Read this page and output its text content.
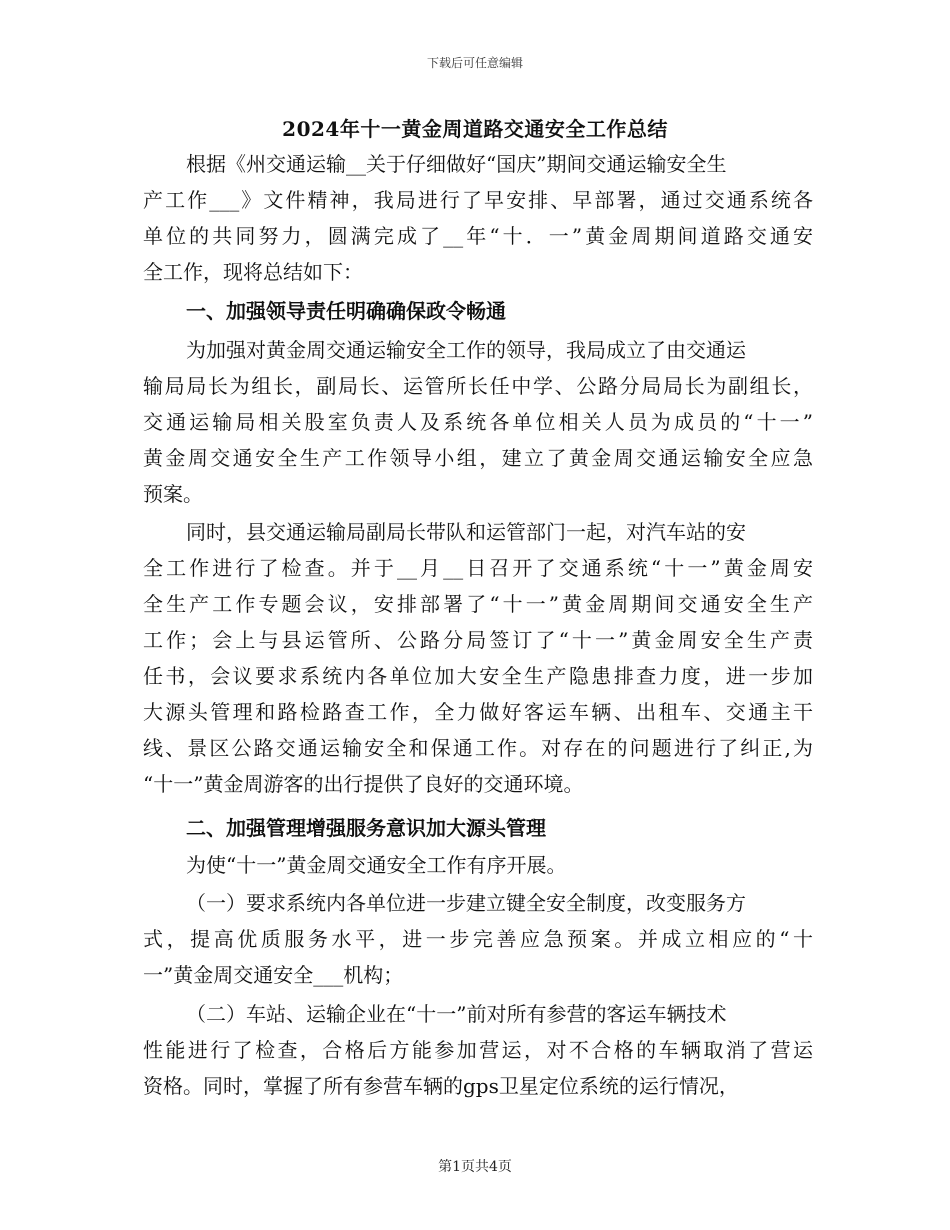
下载后可任意编辑
2024年十一黄金周道路交通安全工作总结
根据《州交通运输__关于仔细做好“国庆”期间交通运输安全生
产工作___》文件精神，我局进行了早安排、早部署，通过交通系统各
单位的共同努力，圆满完成了__年“十．一”黄金周期间道路交通安
全工作，现将总结如下：
一、加强领导责任明确确保政令畅通
为加强对黄金周交通运输安全工作的领导，我局成立了由交通运
输局局长为组长，副局长、运管所长任中学、公路分局局长为副组长，
交通运输局相关股室负责人及系统各单位相关人员为成员的“十一”
黄金周交通安全生产工作领导小组，建立了黄金周交通运输安全应急
预案。
同时，县交通运输局副局长带队和运管部门一起，对汽车站的安
全工作进行了检查。并于__月__日召开了交通系统“十一”黄金周安
全生产工作专题会议，安排部署了“十一”黄金周期间交通安全生产
工作；会上与县运管所、公路分局签订了“十一”黄金周安全生产责
任书，会议要求系统内各单位加大安全生产隐患排查力度，进一步加
大源头管理和路检路查工作，全力做好客运车辆、出租车、交通主干
线、景区公路交通运输安全和保通工作。对存在的问题进行了纠正,为
“十一”黄金周游客的出行提供了良好的交通环境。
二、加强管理增强服务意识加大源头管理
为使“十一”黄金周交通安全工作有序开展。
（一）要求系统内各单位进一步建立键全安全制度，改变服务方
式，提高优质服务水平，进一步完善应急预案。并成立相应的“十
一”黄金周交通安全___机构；
（二）车站、运输企业在“十一”前对所有参营的客运车辆技术
性能进行了检查，合格后方能参加营运，对不合格的车辆取消了营运
资格。同时，掌握了所有参营车辆的gps卫星定位系统的运行情况，
第1页共4页
